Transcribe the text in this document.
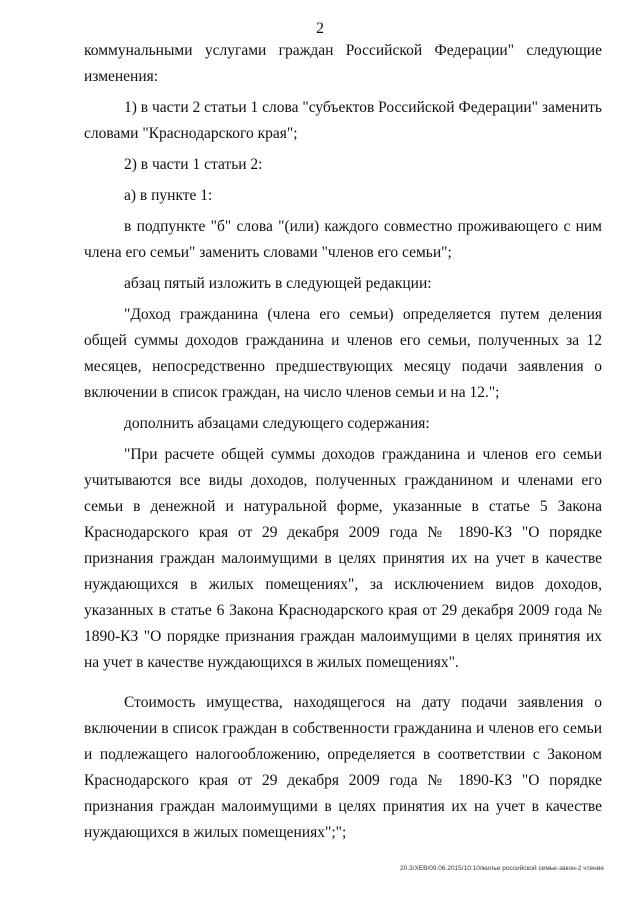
2

коммунальными услугами граждан Российской Федерации" следующие изменения:

1) в части 2 статьи 1 слова "субъектов Российской Федерации" заменить словами "Краснодарского края";

2) в части 1 статьи 2:

а) в пункте 1:

в подпункте "б" слова "(или) каждого совместно проживающего с ним члена его семьи" заменить словами "членов его семьи";

абзац пятый изложить в следующей редакции:

"Доход гражданина (члена его семьи) определяется путем деления общей суммы доходов гражданина и членов его семьи, полученных за 12 месяцев, непосредственно предшествующих месяцу подачи заявления о включении в список граждан, на число членов семьи и на 12.";

дополнить абзацами следующего содержания:

"При расчете общей суммы доходов гражданина и членов его семьи учитываются все виды доходов, полученных гражданином и членами его семьи в денежной и натуральной форме, указанные в статье 5 Закона Краснодарского края от 29 декабря 2009 года № 1890-КЗ "О порядке признания граждан малоимущими в целях принятия их на учет в качестве нуждающихся в жилых помещениях", за исключением видов доходов, указанных в статье 6 Закона Краснодарского края от 29 декабря 2009 года № 1890-КЗ "О порядке признания граждан малоимущими в целях принятия их на учет в качестве нуждающихся в жилых помещениях".

Стоимость имущества, находящегося на дату подачи заявления о включении в список граждан в собственности гражданина и членов его семьи и подлежащего налогообложению, определяется в соответствии с Законом Краснодарского края от 29 декабря 2009 года № 1890-КЗ "О порядке признания граждан малоимущими в целях принятия их на учет в качестве нуждающихся в жилых помещениях";";

20.3/ХЕВ/09.06.2015/10:10/жилье российской семье-закон-2 чтение
